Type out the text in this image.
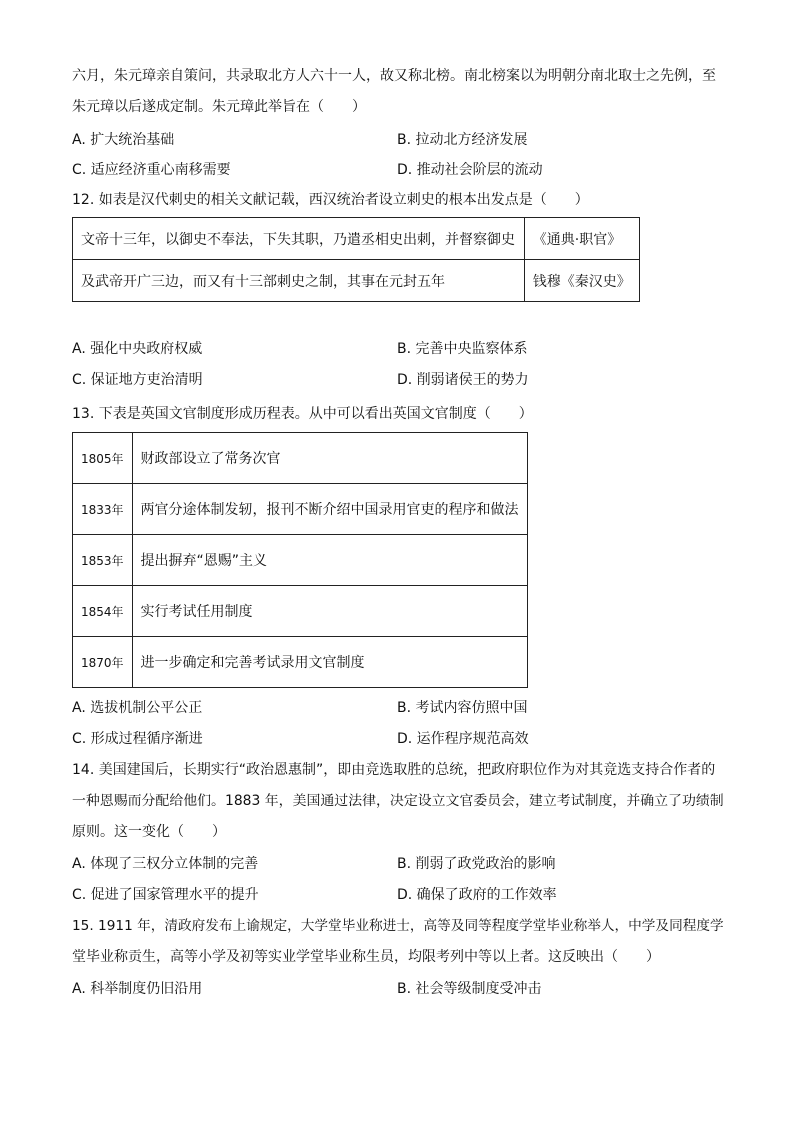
六月，朱元璋亲自策问，共录取北方人六十一人，故又称北榜。南北榜案以为明朝分南北取士之先例，至
朱元璋以后遂成定制。朱元璋此举旨在（　　）
A. 扩大统治基础	B. 拉动北方经济发展
C. 适应经济重心南移需要	D. 推动社会阶层的流动
12. 如表是汉代刺史的相关文献记载，西汉统治者设立刺史的根本出发点是（　　）
文帝十三年，以御史不奉法，下失其职，乃遣丞相史出刺，并督察御史	《通典·职官》
及武帝开广三边，而又有十三部刺史之制，其事在元封五年	钱穆《秦汉史》
A. 强化中央政府权威	B. 完善中央监察体系
C. 保证地方吏治清明	D. 削弱诸侯王的势力
13. 下表是英国文官制度形成历程表。从中可以看出英国文官制度（　　）
1805年	财政部设立了常务次官
1833年	两官分途体制发轫，报刊不断介绍中国录用官吏的程序和做法
1853年	提出摒弃“恩赐”主义
1854年	实行考试任用制度
1870年	进一步确定和完善考试录用文官制度
A. 选拔机制公平公正	B. 考试内容仿照中国
C. 形成过程循序渐进	D. 运作程序规范高效
14. 美国建国后，长期实行“政治恩惠制”，即由竞选取胜的总统，把政府职位作为对其竞选支持合作者的
一种恩赐而分配给他们。1883 年，美国通过法律，决定设立文官委员会，建立考试制度，并确立了功绩制
原则。这一变化（　　）
A. 体现了三权分立体制的完善	B. 削弱了政党政治的影响
C. 促进了国家管理水平的提升	D. 确保了政府的工作效率
15. 1911 年，清政府发布上谕规定，大学堂毕业称进士，高等及同等程度学堂毕业称举人，中学及同程度学
堂毕业称贡生，高等小学及初等实业学堂毕业称生员，均限考列中等以上者。这反映出（　　）
A. 科举制度仍旧沿用	B. 社会等级制度受冲击
